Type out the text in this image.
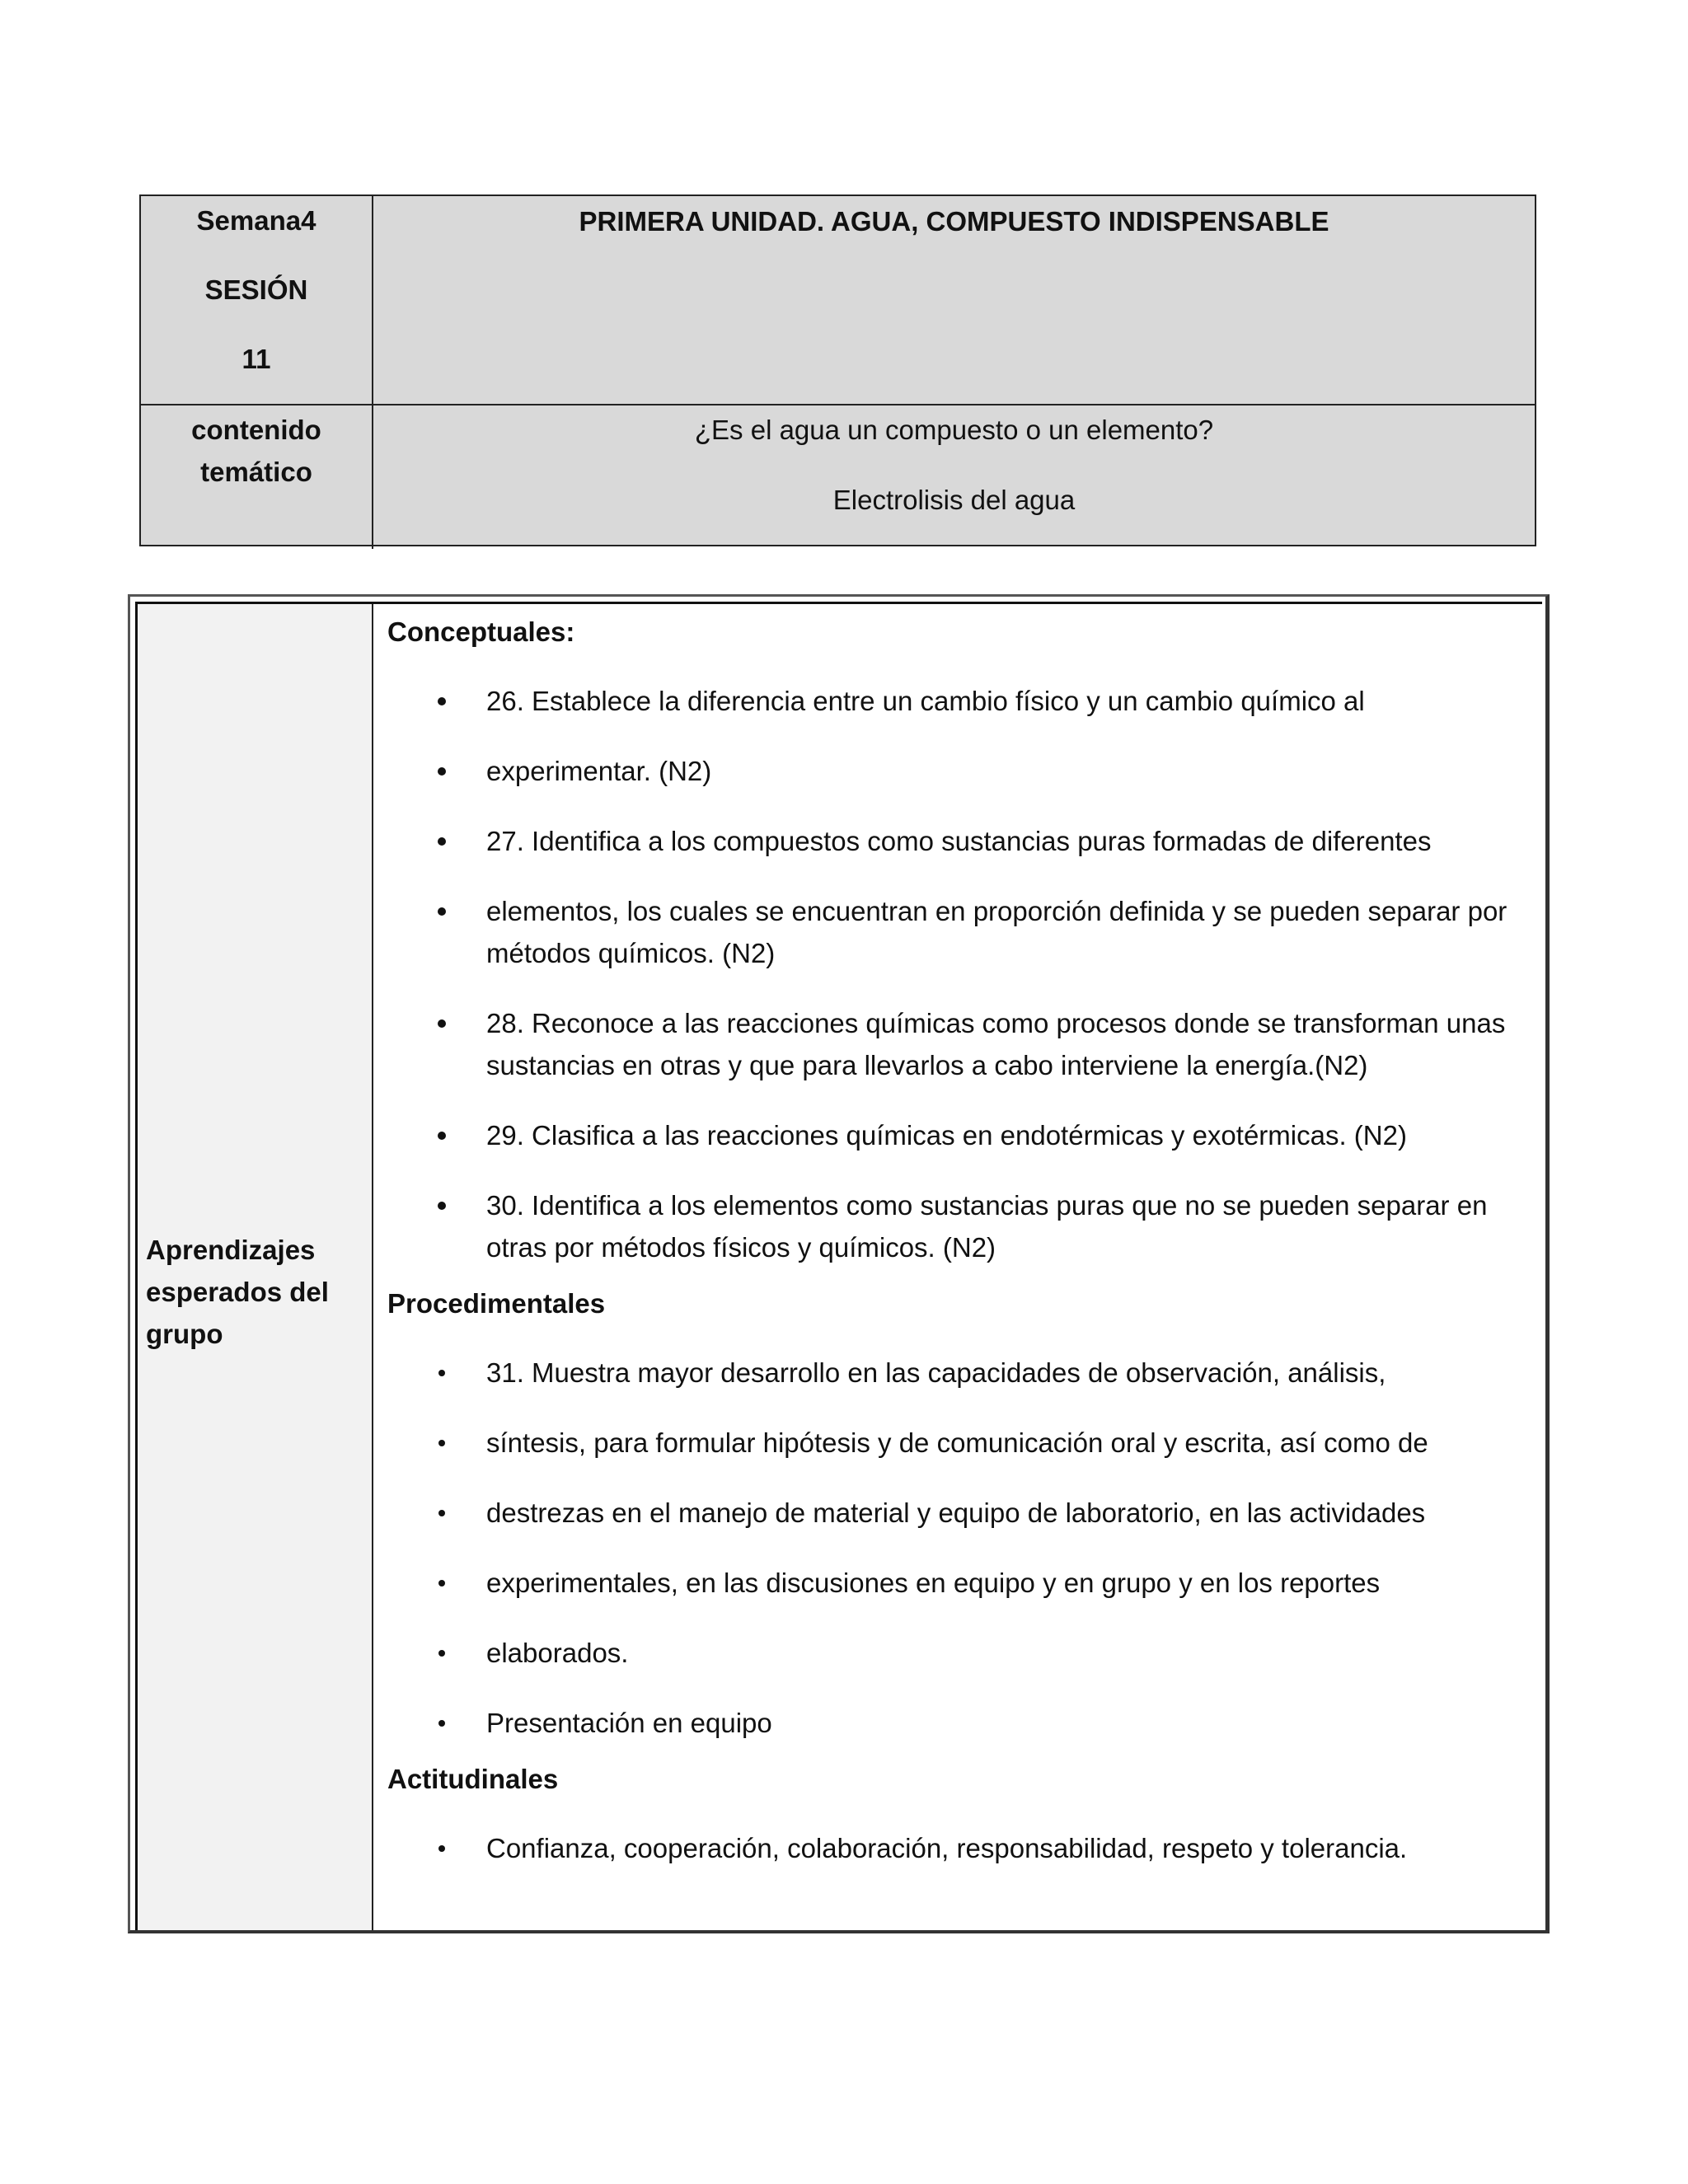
Semana4
SESIÓN
11
PRIMERA UNIDAD. AGUA, COMPUESTO INDISPENSABLE
contenido temático
¿Es el agua un compuesto o un elemento?
Electrolisis del agua

Aprendizajes esperados del grupo

Conceptuales:
26. Establece la diferencia entre un cambio físico y un cambio químico al
experimentar. (N2)
27. Identifica a los compuestos como sustancias puras formadas de diferentes
elementos, los cuales se encuentran en proporción definida y se pueden separar por métodos químicos. (N2)
28. Reconoce a las reacciones químicas como procesos donde se transforman unas sustancias en otras y que para llevarlos a cabo interviene la energía.(N2)
29. Clasifica a las reacciones químicas en endotérmicas y exotérmicas. (N2)
30. Identifica a los elementos como sustancias puras que no se pueden separar en otras por métodos físicos y químicos. (N2)
Procedimentales
31. Muestra mayor desarrollo en las capacidades de observación, análisis,
síntesis, para formular hipótesis y de comunicación oral y escrita, así como de
destrezas en el manejo de material y equipo de laboratorio, en las actividades
experimentales, en las discusiones en equipo y en grupo y en los reportes
elaborados.
Presentación en equipo
Actitudinales
Confianza, cooperación, colaboración, responsabilidad, respeto y tolerancia.
